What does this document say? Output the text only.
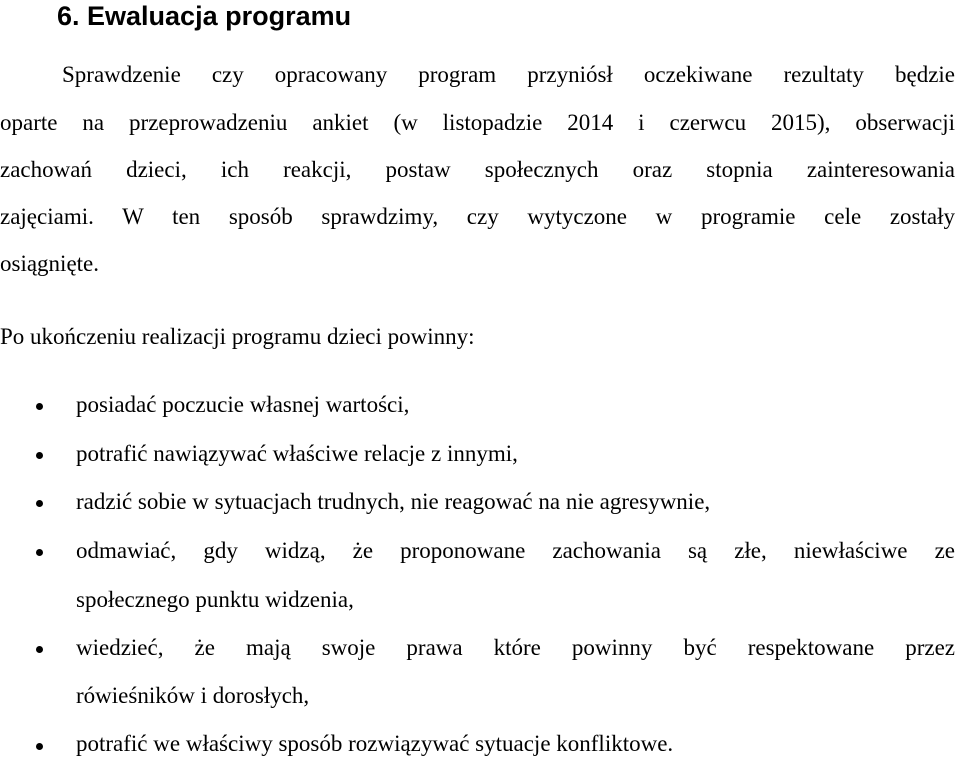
6. Ewaluacja programu

Sprawdzenie czy opracowany program przyniósł oczekiwane rezultaty będzie

oparte na przeprowadzeniu ankiet (w listopadzie 2014 i czerwcu 2015), obserwacji

zachowań dzieci, ich reakcji, postaw społecznych oraz stopnia zainteresowania

zajęciami. W ten sposób sprawdzimy, czy wytyczone w programie cele zostały

osiągnięte.

Po ukończeniu realizacji programu dzieci powinny:

posiadać poczucie własnej wartości,

potrafić nawiązywać właściwe relacje z innymi,

radzić sobie w sytuacjach trudnych, nie reagować na nie agresywnie,

odmawiać, gdy widzą, że proponowane zachowania są złe, niewłaściwe ze

społecznego punktu widzenia,

wiedzieć, że mają swoje prawa które powinny być respektowane przez

rówieśników i dorosłych,

potrafić we właściwy sposób rozwiązywać sytuacje konfliktowe.
